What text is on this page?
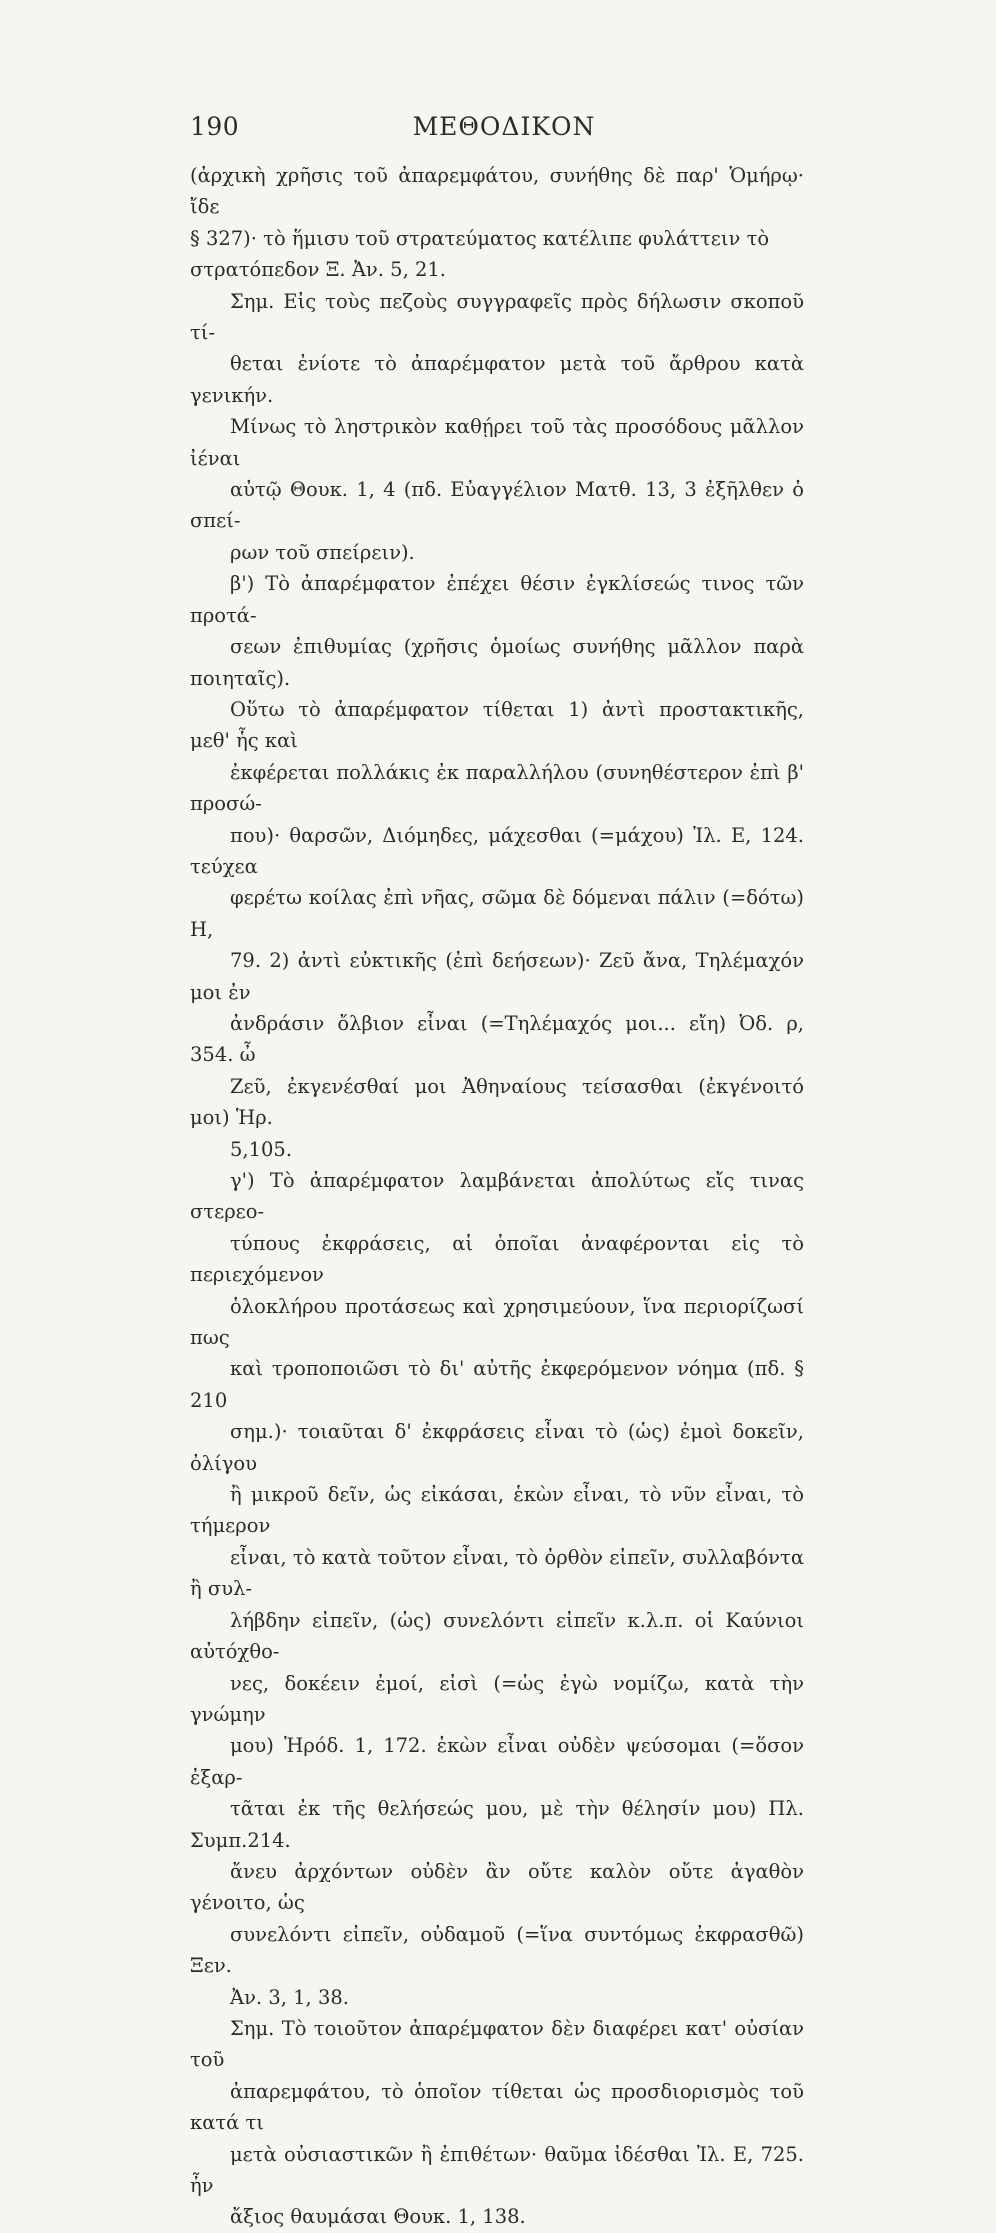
190	ΜΕΘΟΔΙΚΟΝ

(ἀρχικὴ χρῆσις τοῦ ἀπαρεμφάτου, συνήθης δὲ παρ' Ὁμήρῳ· ἴδε
§ 327)· τὸ ἥμισυ τοῦ στρατεύματος κατέλιπε φυλάττειν τὸ
στρατόπεδον Ξ. Ἀν. 5, 21.

Σημ. Εἰς τοὺς πεζοὺς συγγραφεῖς πρὸς δήλωσιν σκοποῦ τί-
θεται ἐνίοτε τὸ ἀπαρέμφατον μετὰ τοῦ ἄρθρου κατὰ γενικήν.
Μίνως τὸ ληστρικὸν καθῄρει τοῦ τὰς προσόδους μᾶλλον ἰέναι
αὐτῷ Θουκ. 1, 4 (πδ. Εὐαγγέλιον Ματθ. 13, 3 ἐξῆλθεν ὁ σπεί-
ρων τοῦ σπείρειν).

β') Τὸ ἀπαρέμφατον ἐπέχει θέσιν ἐγκλίσεώς τινος τῶν προτά-
σεων ἐπιθυμίας (χρῆσις ὁμοίως συνήθης μᾶλλον παρὰ ποιηταῖς).
Οὕτω τὸ ἀπαρέμφατον τίθεται 1) ἀντὶ προστακτικῆς, μεθ' ἧς καὶ
ἐκφέρεται πολλάκις ἐκ παραλλήλου (συνηθέστερον ἐπὶ β' προσώ-
που)· θαρσῶν, Διόμηδες, μάχεσθαι (=μάχου) Ἰλ. Ε, 124. τεύχεα
φερέτω κοίλας ἐπὶ νῆας, σῶμα δὲ δόμεναι πάλιν (=δότω) Η,
79. 2) ἀντὶ εὐκτικῆς (ἐπὶ δεήσεων)· Ζεῦ ἄνα, Τηλέμαχόν μοι ἐν
ἀνδράσιν ὄλβιον εἶναι (=Τηλέμαχός μοι... εἴη) Ὀδ. ρ, 354. ὦ
Ζεῦ, ἐκγενέσθαί μοι Ἀθηναίους τείσασθαι (ἐκγένοιτό μοι) Ἡρ.
5,105.

γ') Τὸ ἀπαρέμφατον λαμβάνεται ἀπολύτως εἴς τινας στερεο-
τύπους ἐκφράσεις, αἱ ὁποῖαι ἀναφέρονται εἰς τὸ περιεχόμενον
ὁλοκλήρου προτάσεως καὶ χρησιμεύουν, ἵνα περιορίζωσί πως
καὶ τροποποιῶσι τὸ δι' αὐτῆς ἐκφερόμενον νόημα (πδ. § 210
σημ.)· τοιαῦται δ' ἐκφράσεις εἶναι τὸ (ὡς) ἐμοὶ δοκεῖν, ὀλίγου
ἢ μικροῦ δεῖν, ὡς εἰκάσαι, ἑκὼν εἶναι, τὸ νῦν εἶναι, τὸ τήμερον
εἶναι, τὸ κατὰ τοῦτον εἶναι, τὸ ὀρθὸν εἰπεῖν, συλλαβόντα ἢ συλ-
λήβδην εἰπεῖν, (ὡς) συνελόντι εἰπεῖν κ.λ.π. οἱ Καύνιοι αὐτόχθο-
νες, δοκέειν ἐμοί, εἰσὶ (=ὡς ἐγὼ νομίζω, κατὰ τὴν γνώμην
μου) Ἡρόδ. 1, 172. ἑκὼν εἶναι οὐδὲν ψεύσομαι (=ὅσον ἐξαρ-
τᾶται ἐκ τῆς θελήσεώς μου, μὲ τὴν θέλησίν μου) Πλ. Συμπ.214.
ἄνευ ἀρχόντων οὐδὲν ἂν οὔτε καλὸν οὔτε ἀγαθὸν γένοιτο, ὡς
συνελόντι εἰπεῖν, οὐδαμοῦ (=ἵνα συντόμως ἐκφρασθῶ) Ξεν.
Ἀν. 3, 1, 38.

Σημ. Τὸ τοιοῦτον ἀπαρέμφατον δὲν διαφέρει κατ' οὐσίαν τοῦ
ἀπαρεμφάτου, τὸ ὁποῖον τίθεται ὡς προσδιορισμὸς τοῦ κατά τι
μετὰ οὐσιαστικῶν ἢ ἐπιθέτων· θαῦμα ἰδέσθαι Ἰλ. Ε, 725. ἦν
ἄξιος θαυμάσαι Θουκ. 1, 138.
